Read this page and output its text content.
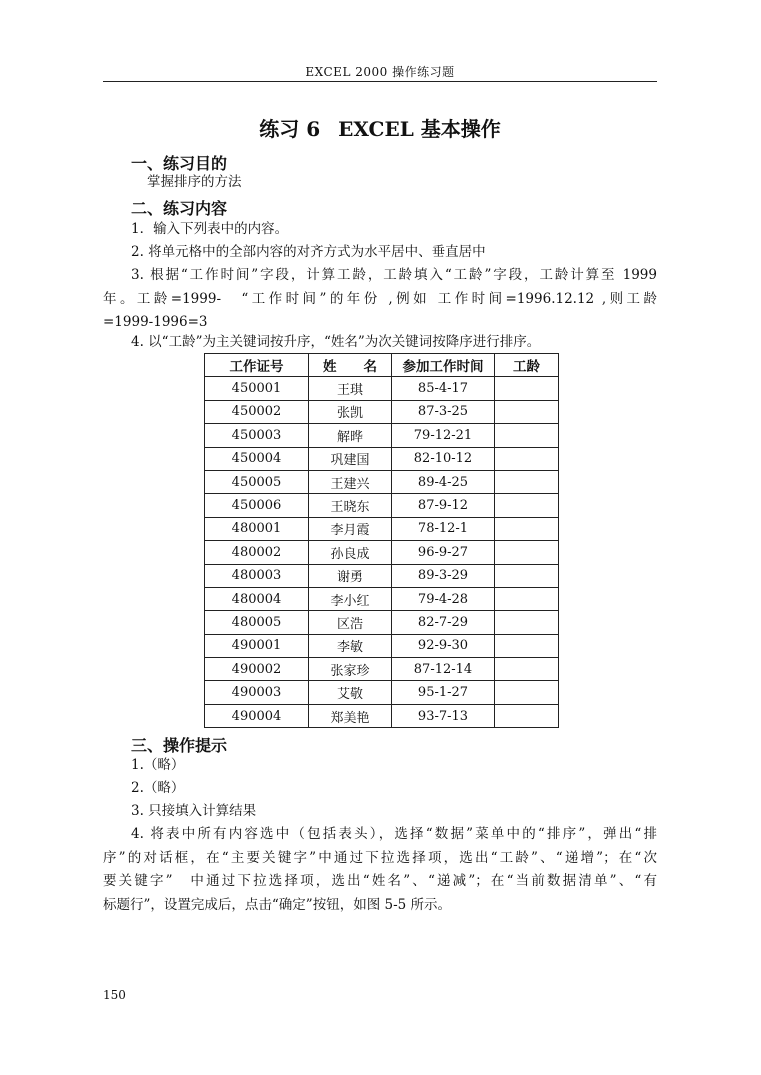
EXCEL 2000 操作练习题
练习 6 EXCEL 基本操作
一、练习目的
掌握排序的方法
二、练习内容
1．输入下列表中的内容。
2. 将单元格中的全部内容的对齐方式为水平居中、垂直居中
3. 根据“工作时间”字段，计算工龄，工龄填入“工龄”字段，工龄计算至 1999
年。工龄=1999-　“工作时间”的年份 ,例如 工作时间=1996.12.12 ,则工龄
=1999-1996=3
4. 以“工龄”为主关键词按升序，“姓名”为次关键词按降序进行排序。
工作证号	姓　　名	参加工作时间	工龄
450001	王琪	85-4-17	
450002	张凯	87-3-25	
450003	解晔	79-12-21	
450004	巩建国	82-10-12	
450005	王建兴	89-4-25	
450006	王晓东	87-9-12	
480001	李月霞	78-12-1	
480002	孙良成	96-9-27	
480003	谢勇	89-3-29	
480004	李小红	79-4-28	
480005	区浩	82-7-29	
490001	李敏	92-9-30	
490002	张家珍	87-12-14	
490003	艾敬	95-1-27	
490004	郑美艳	93-7-13	
三、操作提示
1.（略）
2.（略）
3. 只接填入计算结果
4. 将表中所有内容选中（包括表头），选择“数据”菜单中的“排序”，弹出“排
序”的对话框，在“主要关键字”中通过下拉选择项，选出“工龄”、“递增”；在“次
要关键字”　中通过下拉选择项，选出“姓名”、“递减”；在“当前数据清单”、“有
标题行”，设置完成后，点击“确定”按钮，如图 5-5 所示。
150
